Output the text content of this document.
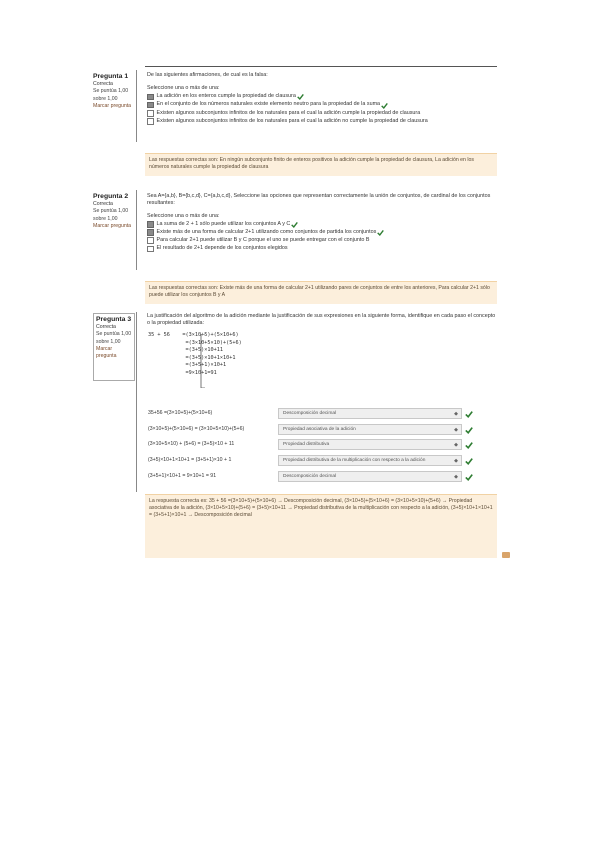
Pregunta 1
Correcta
Se puntúa 1,00 sobre 1,00
Marcar pregunta

De las siguientes afirmaciones, de cual es la falsa:

Seleccione una o más de una:

La adición en los enteros cumple la propiedad de clausura
En el conjunto de los números naturales existe elemento neutro para la propiedad de la suma
Existen algunos subconjuntos infinitos de los naturales para el cual la adición cumple la propiedad de clausura
Existen algunos subconjuntos infinitos de los naturales para el cual la adición no cumple la propiedad de clausura

Las respuestas correctas son: En ningún subconjunto finito de enteros positivos la adición cumple la propiedad de clausura, La adición en los números naturales cumple la propiedad de clausura

Pregunta 2
Correcta
Se puntúa 1,00 sobre 1,00
Marcar pregunta

Sea A={a,b}, B={b,c,d}, C={a,b,c,d}, Seleccione las opciones que representan correctamente la unión de conjuntos, de cardinal de los conjuntos resultantes:

Seleccione una o más de una:

La suma de 2 + 1 sólo puede utilizar los conjuntos A y C
Existe más de una forma de calcular 2+1 utilizando como conjuntos de partida los conjuntos
Para calcular 2+1 puede utilizar B y C porque el uno se puede entregar con el conjunto B
El resultado de 2+1 depende de los conjuntos elegidos

Las respuestas correctas son: Existe más de una forma de calcular 2+1 utilizando pares de conjuntos de entre los anteriores, Para calcular 2+1 sólo puede utilizar los conjuntos B y A

Pregunta 3
Correcta
Se puntúa 1,00 sobre 1,00
Marcar pregunta

La justificación del algoritmo de la adición mediante la justificación de sus expresiones en la siguiente forma, identifique en cada paso el concepto o la propiedad utilizada:

35 + 56    =(3×10+5)+(5×10+6)
=(3×10+5×10)+(5+6)
=(3+5)×10+11
=(3+5)×10+1×10+1
=(3+5+1)×10+1
=9×10+1=91
35+56 =(3×10+5)+(5×10+6)	Descomposición decimal	◆
(3×10+5)+(5×10+6) = (3×10+5×10)+(5+6)	Propiedad asociativa de la adición	◆
(3×10+5×10) + (5+6) = (3+5)×10 + 11	Propiedad distributiva	◆
(3+5)×10+1×10+1 = (3+5+1)×10 + 1	Propiedad distributiva de la multiplicación con respecto a la adición	◆
(3+5+1)×10+1 = 9×10+1 = 91	Descomposición decimal	◆

La respuesta correcta es: 35 + 56 =(3×10+5)+(5×10+6) → Descomposición decimal, (3×10+5)+(5×10+6) = (3×10+5×10)+(5+6) → Propiedad asociativa de la adición, (3×10+5×10)+(5+6) = (3+5)×10+11 → Propiedad distributiva de la multiplicación con respecto a la adición, (3+5)×10+1×10+1 = (3+5+1)×10+1 → Descomposición decimal
